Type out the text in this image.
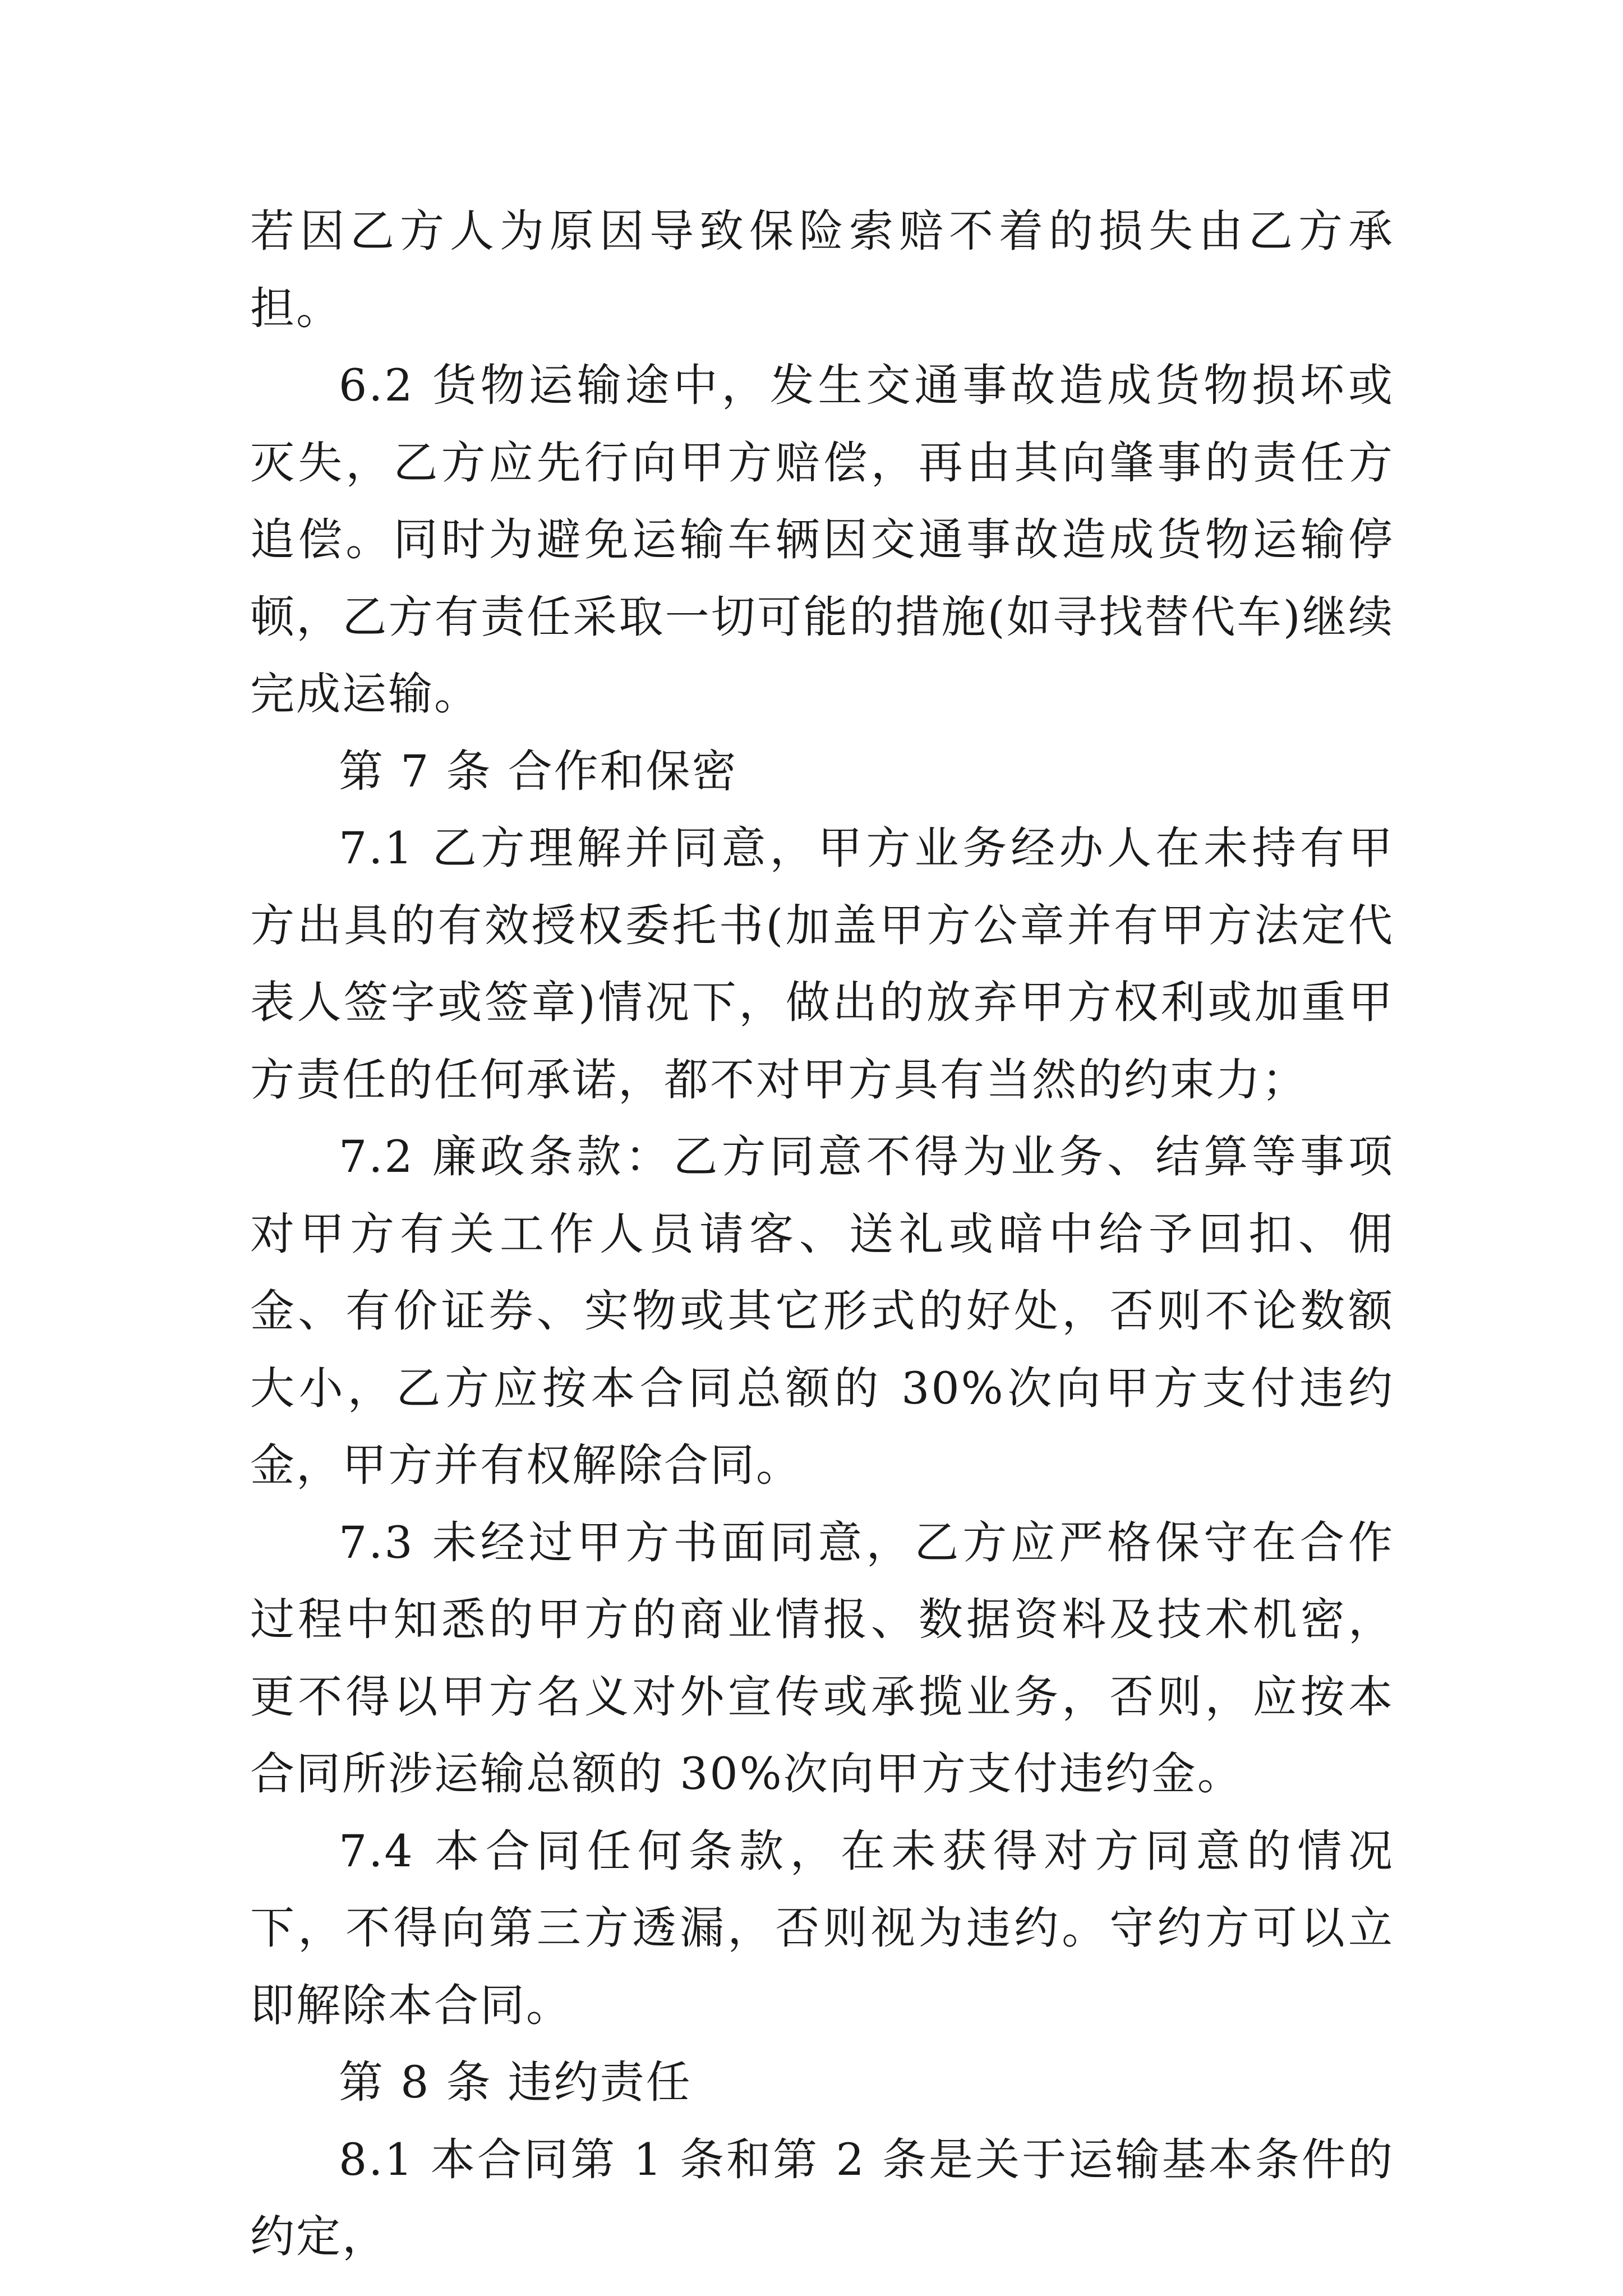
若因乙方人为原因导致保险索赔不着的损失由乙方承担。

6.2 货物运输途中，发生交通事故造成货物损坏或灭失，乙方应先行向甲方赔偿，再由其向肇事的责任方追偿。同时为避免运输车辆因交通事故造成货物运输停顿，乙方有责任采取一切可能的措施(如寻找替代车)继续完成运输。

第 7 条 合作和保密

7.1 乙方理解并同意，甲方业务经办人在未持有甲方出具的有效授权委托书(加盖甲方公章并有甲方法定代表人签字或签章)情况下，做出的放弃甲方权利或加重甲方责任的任何承诺，都不对甲方具有当然的约束力；

7.2 廉政条款：乙方同意不得为业务、结算等事项对甲方有关工作人员请客、送礼或暗中给予回扣、佣金、有价证券、实物或其它形式的好处，否则不论数额大小，乙方应按本合同总额的 30%次向甲方支付违约金，甲方并有权解除合同。

7.3 未经过甲方书面同意，乙方应严格保守在合作过程中知悉的甲方的商业情报、数据资料及技术机密，更不得以甲方名义对外宣传或承揽业务，否则，应按本合同所涉运输总额的 30%次向甲方支付违约金。

7.4 本合同任何条款，在未获得对方同意的情况下，不得向第三方透漏，否则视为违约。守约方可以立即解除本合同。

第 8 条 违约责任

8.1 本合同第 1 条和第 2 条是关于运输基本条件的约定，
